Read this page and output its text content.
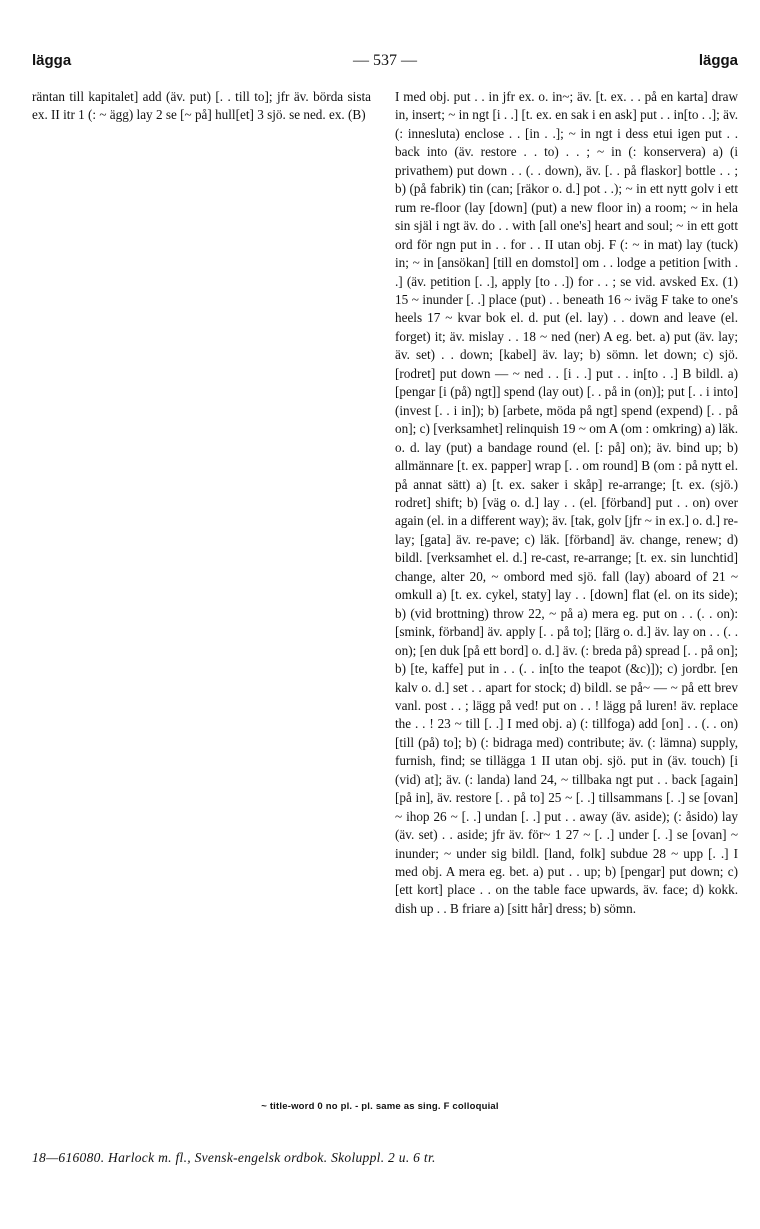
lägga	— 537 —	lägga

räntan till kapitalet] add (äv. put) [. . till to]; jfr äv. börda sista ex. II itr 1 (: ~ ägg) lay 2 se [~ på] hull[et] 3 sjö. se ned. ex. (B)

I med obj. put . . in jfr ex. o. in~; äv. [t. ex. . . på en karta] draw in, insert; ~ in ngt [i . .] [t. ex. en sak i en ask] put . . in[to . .]; äv. (: innesluta) enclose . . [in . .]; ~ in ngt i dess etui igen put . . back into (äv. restore . . to) . . ; ~ in (: konservera) a) (i privathem) put down . . (. . down), äv. [. . på flaskor] bottle . . ; b) (på fabrik) tin (can; [räkor o. d.] pot . .); ~ in ett nytt golv i ett rum re-floor (lay [down] (put) a new floor in) a room; ~ in hela sin själ i ngt äv. do . . with [all one's] heart and soul; ~ in ett gott ord för ngn put in . . for . . II utan obj. F (: ~ in mat) lay (tuck) in; ~ in [ansökan] [till en domstol] om . . lodge a petition [with . .] (äv. petition [. .], apply [to . .]) for . . ; se vid. avsked Ex. (1) 15 ~ inunder [. .] place (put) . . beneath 16 ~ iväg F take to one's heels 17 ~ kvar bok el. d. put (el. lay) . . down and leave (el. forget) it; äv. mislay . . 18 ~ ned (ner) A eg. bet. a) put (äv. lay; äv. set) . . down; [kabel] äv. lay; b) sömn. let down; c) sjö. [rodret] put down — ~ ned . . [i . .] put . . in[to . .] B bildl. a) [pengar [i (på) ngt]] spend (lay out) [. . på in (on)]; put [. . i into] (invest [. . i in]); b) [arbete, möda på ngt] spend (expend) [. . på on]; c) [verksamhet] relinquish 19 ~ om A (om : omkring) a) läk. o. d. lay (put) a bandage round (el. [: på] on); äv. bind up; b) allmännare [t. ex. papper] wrap [. . om round] B (om : på nytt el. på annat sätt) a) [t. ex. saker i skåp] re-arrange; [t. ex. (sjö.) rodret] shift; b) [väg o. d.] lay . . (el. [förband] put . . on) over again (el. in a different way); äv. [tak, golv [jfr ~ in ex.] o. d.] re-lay; [gata] äv. re-pave; c) läk. [förband] äv. change, renew; d) bildl. [verksamhet el. d.] re-cast, re-arrange; [t. ex. sin lunchtid] change, alter 20, ~ ombord med sjö. fall (lay) aboard of 21 ~ omkull a) [t. ex. cykel, staty] lay . . [down] flat (el. on its side); b) (vid brottning) throw 22, ~ på a) mera eg. put on . . (. . on): [smink, förband] äv. apply [. . på to]; [lärg o. d.] äv. lay on . . (. . on); [en duk [på ett bord] o. d.] äv. (: breda på) spread [. . på on]; b) [te, kaffe] put in . . (. . in[to the teapot (&c)]); c) jordbr. [en kalv o. d.] set . . apart for stock; d) bildl. se på~ — ~ på ett brev vanl. post . . ; lägg på ved! put on . . ! lägg på luren! äv. replace the . . ! 23 ~ till [. .] I med obj. a) (: tillfoga) add [on] . . (. . on) [till (på) to]; b) (: bidraga med) contribute; äv. (: lämna) supply, furnish, find; se tillägga 1 II utan obj. sjö. put in (äv. touch) [i (vid) at]; äv. (: landa) land 24, ~ tillbaka ngt put . . back [again] [på in], äv. restore [. . på to] 25 ~ [. .] tillsammans [. .] se [ovan] ~ ihop 26 ~ [. .] undan [. .] put . . away (äv. aside); (: åsido) lay (äv. set) . . aside; jfr äv. för~ 1 27 ~ [. .] under [. .] se [ovan] ~ inunder; ~ under sig bildl. [land, folk] subdue 28 ~ upp [. .] I med obj. A mera eg. bet. a) put . . up; b) [pengar] put down; c) [ett kort] place . . on the table face upwards, äv. face; d) kokk. dish up . . B friare a) [sitt hår] dress; b) sömn.

~ title-word 0 no pl. - pl. same as sing. F colloquial
18—616080. Harlock m. fl., Svensk-engelsk ordbok. Skoluppl. 2 u. 6 tr.
